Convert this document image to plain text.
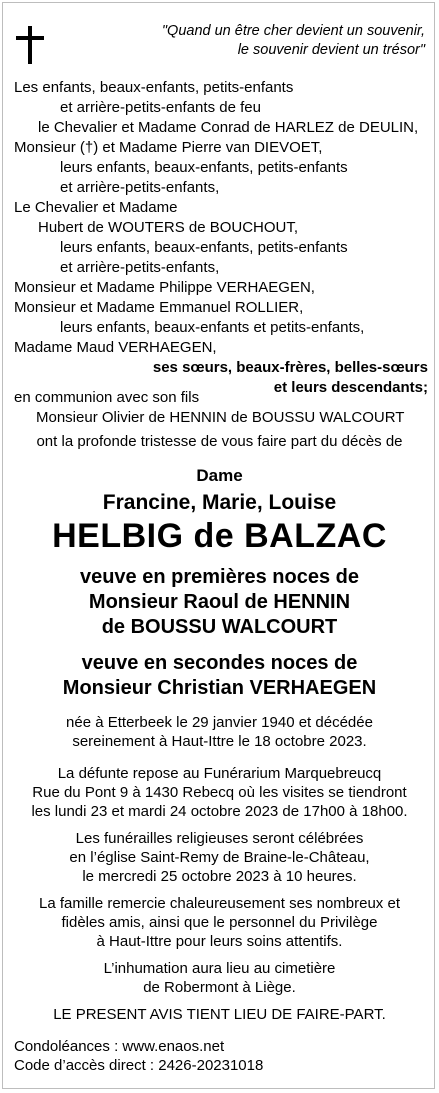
"Quand un être cher devient un souvenir,
le souvenir devient un trésor"
Les enfants, beaux-enfants, petits-enfants
et arrière-petits-enfants de feu
le Chevalier et Madame Conrad de HARLEZ de DEULIN,
Monsieur (†) et Madame Pierre van DIEVOET,
leurs enfants, beaux-enfants, petits-enfants
et arrière-petits-enfants,
Le Chevalier et Madame
Hubert de WOUTERS de BOUCHOUT,
leurs enfants, beaux-enfants, petits-enfants
et arrière-petits-enfants,
Monsieur et Madame Philippe VERHAEGEN,
Monsieur et Madame Emmanuel ROLLIER,
leurs enfants, beaux-enfants et petits-enfants,
Madame Maud VERHAEGEN,
ses sœurs, beaux-frères, belles-sœurs
et leurs descendants;
en communion avec son fils
Monsieur Olivier de HENNIN de BOUSSU WALCOURT
ont la profonde tristesse de vous faire part du décès de
Dame
Francine, Marie, Louise
HELBIG de BALZAC
veuve en premières noces de
Monsieur Raoul de HENNIN
de BOUSSU WALCOURT
veuve en secondes noces de
Monsieur Christian VERHAEGEN
née à Etterbeek le 29 janvier 1940 et décédée
sereinement à Haut-Ittre le 18 octobre 2023.
La défunte repose au Funérarium Marquebreucq
Rue du Pont 9 à 1430 Rebecq où les visites se tiendront
les lundi 23 et mardi 24 octobre 2023 de 17h00 à 18h00.
Les funérailles religieuses seront célébrées
en l’église Saint-Remy de Braine-le-Château,
le mercredi 25 octobre 2023 à 10 heures.
La famille remercie chaleureusement ses nombreux et
fidèles amis, ainsi que le personnel du Privilège
à Haut-Ittre pour leurs soins attentifs.
L’inhumation aura lieu au cimetière
de Robermont à Liège.
LE PRESENT AVIS TIENT LIEU DE FAIRE-PART.
Condoléances : www.enaos.net
Code d’accès direct : 2426-20231018
